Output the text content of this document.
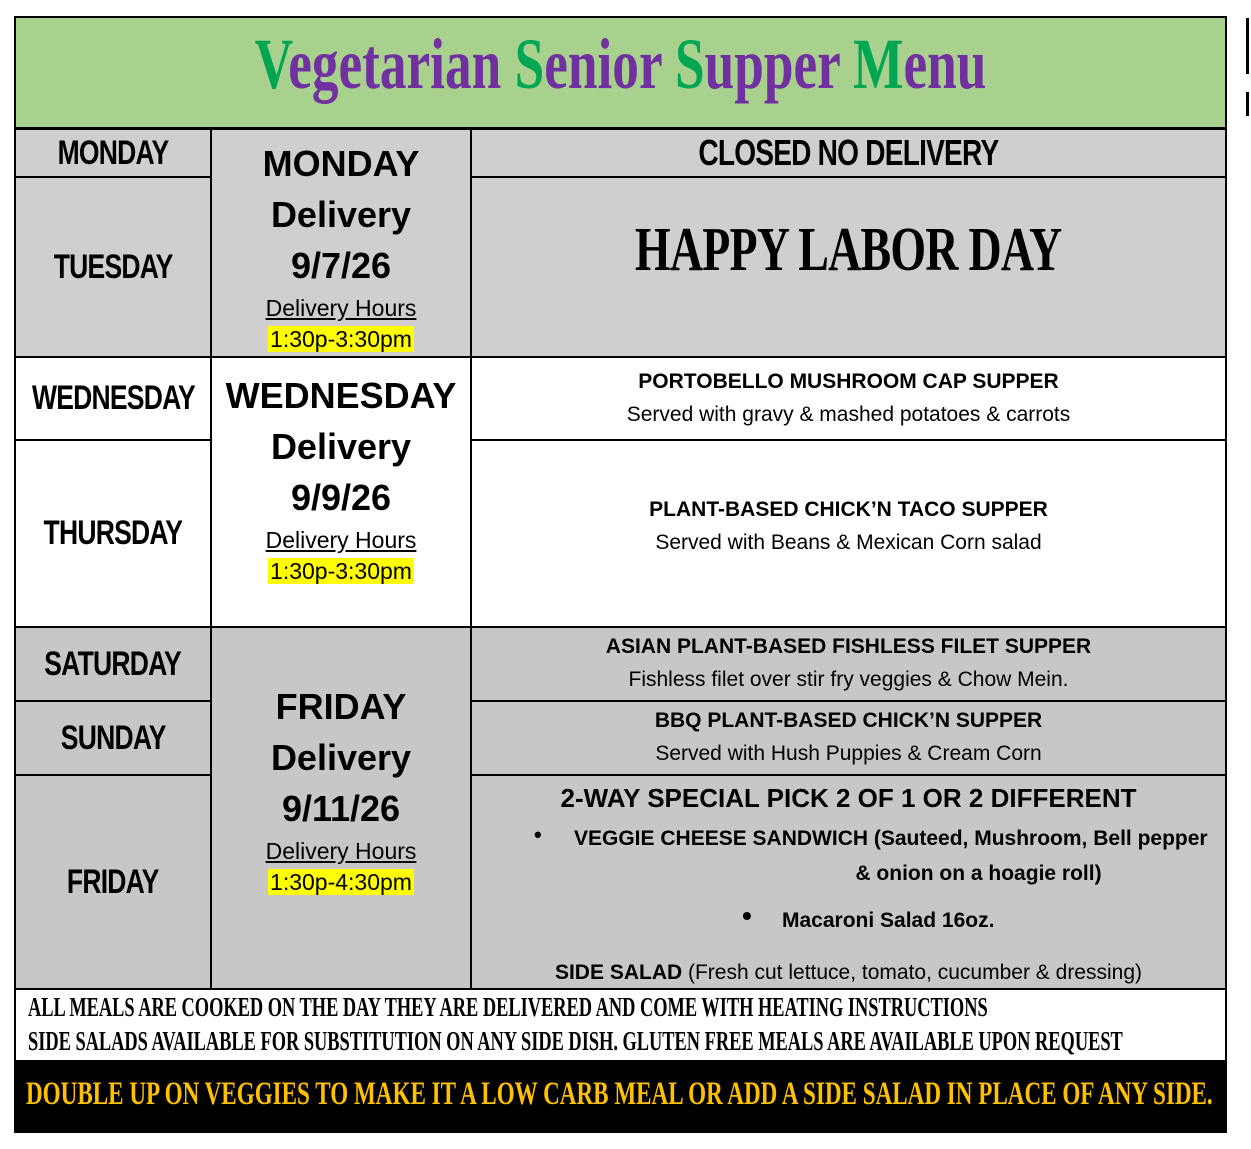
Vegetarian Senior Supper Menu
MONDAY
TUESDAY
WEDNESDAY
THURSDAY
SATURDAY
SUNDAY
FRIDAY
MONDAY
Delivery
9/7/26
Delivery Hours
1:30p-3:30pm
WEDNESDAY
Delivery
9/9/26
Delivery Hours
1:30p-3:30pm
FRIDAY
Delivery
9/11/26
Delivery Hours
1:30p-4:30pm
CLOSED NO DELIVERY
HAPPY LABOR DAY
PORTOBELLO MUSHROOM CAP SUPPER
Served with gravy & mashed potatoes & carrots
PLANT-BASED CHICK’N TACO SUPPER
Served with Beans & Mexican Corn salad
ASIAN PLANT-BASED FISHLESS FILET SUPPER
Fishless filet over stir fry veggies & Chow Mein.
BBQ PLANT-BASED CHICK’N SUPPER
Served with Hush Puppies & Cream Corn
2-WAY SPECIAL PICK 2 OF 1 OR 2 DIFFERENT
• VEGGIE CHEESE SANDWICH (Sauteed, Mushroom, Bell pepper
& onion on a hoagie roll)
• Macaroni Salad 16oz.
SIDE SALAD (Fresh cut lettuce, tomato, cucumber & dressing)
ALL MEALS ARE COOKED ON THE DAY THEY ARE DELIVERED AND COME WITH HEATING INSTRUCTIONS
SIDE SALADS AVAILABLE FOR SUBSTITUTION ON ANY SIDE DISH. GLUTEN FREE MEALS ARE AVAILABLE UPON REQUEST
DOUBLE UP ON VEGGIES TO MAKE IT A LOW CARB MEAL OR ADD A SIDE SALAD IN PLACE OF ANY SIDE.
